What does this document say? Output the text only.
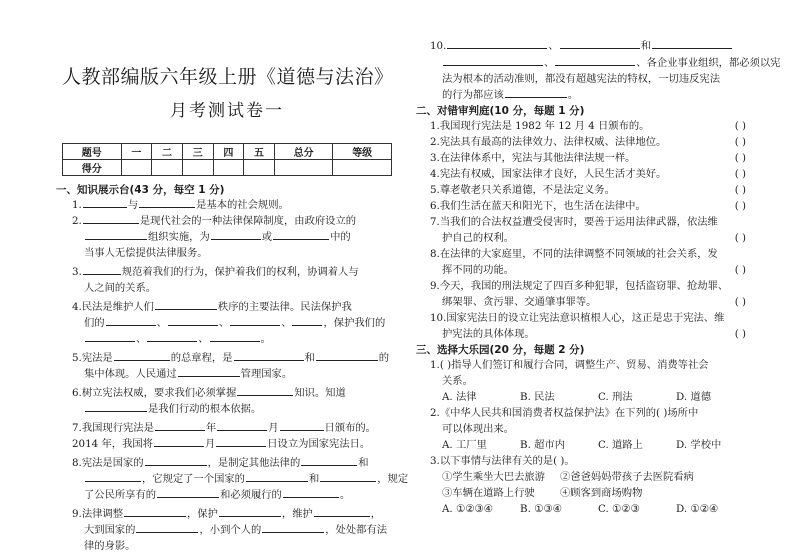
人教部编版六年级上册《道德与法治》
月考测试卷一
题号	一	二	三	四	五	总分	等级
得分							
一、知识展示台(43 分，每空 1 分)
1.	与	是基本的社会规则。
2.	是现代社会的一种法律保障制度，由政府设立的
组织实施，为	或	中的
当事人无偿提供法律服务。
3.	规范着我们的行为，保护着我们的权利，协调着人与
人之间的关系。
4.民法是维护人们	秩序的主要法律。民法保护我
们的	、	、	、	，保护我们的
、	、	。
5.宪法是	的总章程，是	和	的
集中体现。人民通过	管理国家。
6.树立宪法权威，要求我们必须掌握	知识。知道
是我们行动的根本依据。
7.我国现行宪法是	年	月	日颁布的。
2014 年，我国将	月	日设立为国家宪法日。
8.宪法是国家的	，是制定其他法律的	和
，它规定了一个国家的	和	，规定
了公民所享有的	和必须履行的	。
9.法律调整	，保护	，维护	，
大到国家的	，小到个人的	，处处都有法
律的身影。
10.	、	和
、	、各企业事业组织，都必须以宪
法为根本的活动准则，都没有超越宪法的特权，一切违反宪法
的行为都应该	。
二、对错审判庭(10 分，每题 1 分)
1.我国现行宪法是 1982 年 12 月 4 日颁布的。	( )
2.宪法具有最高的法律效力、法律权威、法律地位。	( )
3.在法律体系中，宪法与其他法律法规一样。	( )
4.宪法有权威，国家法律才良好，人民生活才美好。	( )
5.尊老敬老只关系道德，不是法定义务。	( )
6.我们生活在蓝天和阳光下，也生活在法律中。	( )
7.当我们的合法权益遭受侵害时，要善于运用法律武器，依法维
护自己的权利。	( )
8.在法律的大家庭里，不同的法律调整不同领域的社会关系，发
挥不同的功能。	( )
9.今天，我国的刑法规定了四百多种犯罪，包括盗窃罪、抢劫罪、
绑架罪、贪污罪、交通肇事罪等。	( )
10.国家宪法日的设立让宪法意识植根人心，这正是忠于宪法、维
护宪法的具体体现。	( )
三、选择大乐园(20 分，每题 2 分)
1.( )指导人们签订和履行合同，调整生产、贸易、消费等社会
关系。
A. 法律	B. 民法	C. 刑法	D. 道德
2.《中华人民共和国消费者权益保护法》在下列的( )场所中
可以体现出来。
A. 工厂里	B. 超市内	C. 道路上	D. 学校中
3.以下事情与法律有关的是( )。
①学生乘坐大巴去旅游 ②爸爸妈妈带孩子去医院看病
③车辆在道路上行驶 ④顾客到商场购物
A. ①②③④	B. ①③④	C. ①②③	D. ①②④
